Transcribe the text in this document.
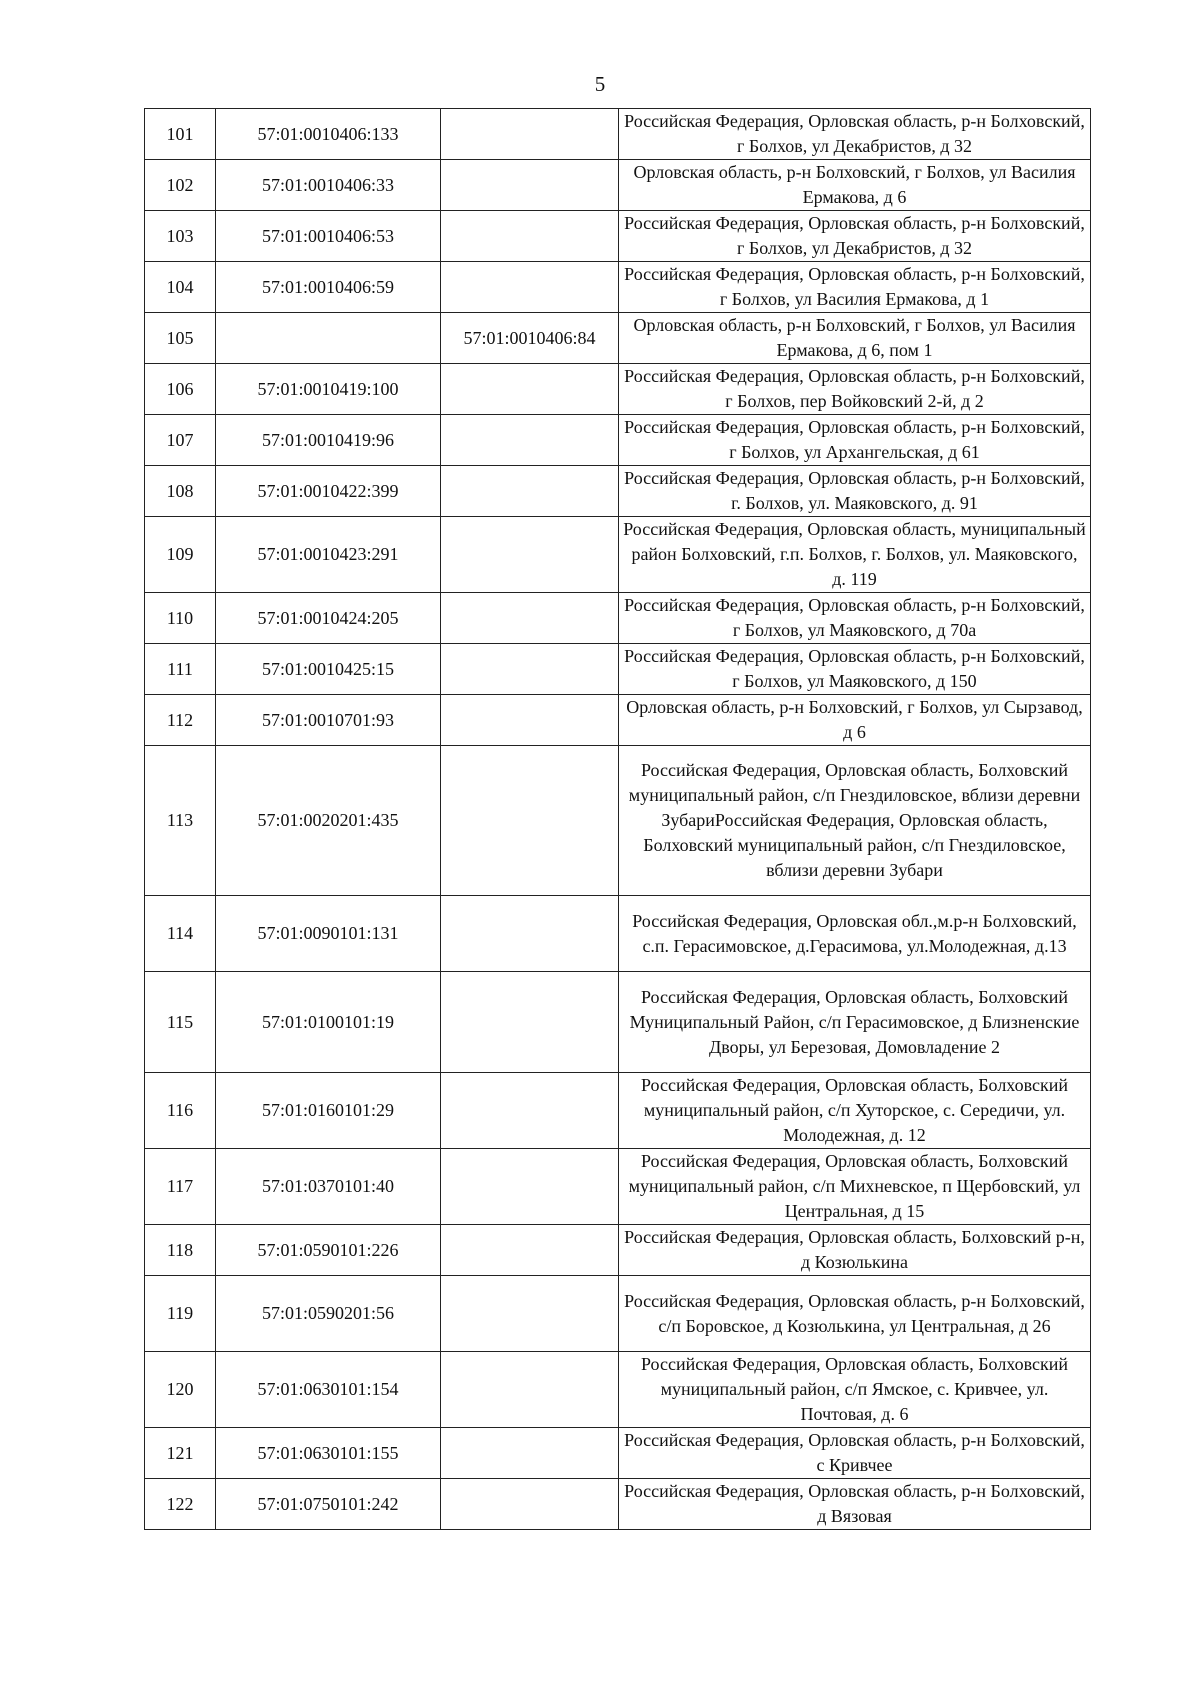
5
101	57:01:0010406:133		Российская Федерация, Орловская область, р-н Болховский, г Болхов, ул Декабристов, д 32
102	57:01:0010406:33		Орловская область, р-н Болховский, г Болхов, ул Василия Ермакова, д 6
103	57:01:0010406:53		Российская Федерация, Орловская область, р-н Болховский, г Болхов, ул Декабристов, д 32
104	57:01:0010406:59		Российская Федерация, Орловская область, р-н Болховский, г Болхов, ул Василия Ермакова, д 1
105		57:01:0010406:84	Орловская область, р-н Болховский, г Болхов, ул Василия Ермакова, д 6, пом 1
106	57:01:0010419:100		Российская Федерация, Орловская область, р-н Болховский, г Болхов, пер Войковский 2-й, д 2
107	57:01:0010419:96		Российская Федерация, Орловская область, р-н Болховский, г Болхов, ул Архангельская, д 61
108	57:01:0010422:399		Российская Федерация, Орловская область, р-н Болховский, г. Болхов, ул. Маяковского, д. 91
109	57:01:0010423:291		Российская Федерация, Орловская область, муниципальный район Болховский, г.п. Болхов, г. Болхов, ул. Маяковского, д. 119
110	57:01:0010424:205		Российская Федерация, Орловская область, р-н Болховский, г Болхов, ул Маяковского, д 70а
111	57:01:0010425:15		Российская Федерация, Орловская область, р-н Болховский, г Болхов, ул Маяковского, д 150
112	57:01:0010701:93		Орловская область, р-н Болховский, г Болхов, ул Сырзавод, д 6
113	57:01:0020201:435		Российская Федерация, Орловская область, Болховский муниципальный район, с/п Гнездиловское, вблизи деревни ЗубариРоссийская Федерация, Орловская область, Болховский муниципальный район, с/п Гнездиловское, вблизи деревни Зубари
114	57:01:0090101:131		Российская Федерация, Орловская обл.,м.р-н Болховский, с.п. Герасимовское, д.Герасимова, ул.Молодежная, д.13
115	57:01:0100101:19		Российская Федерация, Орловская область, Болховский Муниципальный Район, с/п Герасимовское, д Близненские Дворы, ул Березовая, Домовладение 2
116	57:01:0160101:29		Российская Федерация, Орловская область, Болховский муниципальный район, с/п Хуторское, с. Середичи, ул. Молодежная, д. 12
117	57:01:0370101:40		Российская Федерация, Орловская область, Болховский муниципальный район, с/п Михневское, п Щербовский, ул Центральная, д 15
118	57:01:0590101:226		Российская Федерация, Орловская область, Болховский р-н, д Козюлькина
119	57:01:0590201:56		Российская Федерация, Орловская область, р-н Болховский, с/п Боровское, д Козюлькина, ул Центральная, д 26
120	57:01:0630101:154		Российская Федерация, Орловская область, Болховский муниципальный район, с/п Ямское, с. Кривчее, ул. Почтовая, д. 6
121	57:01:0630101:155		Российская Федерация, Орловская область, р-н Болховский, с Кривчее
122	57:01:0750101:242		Российская Федерация, Орловская область, р-н Болховский, д Вязовая
